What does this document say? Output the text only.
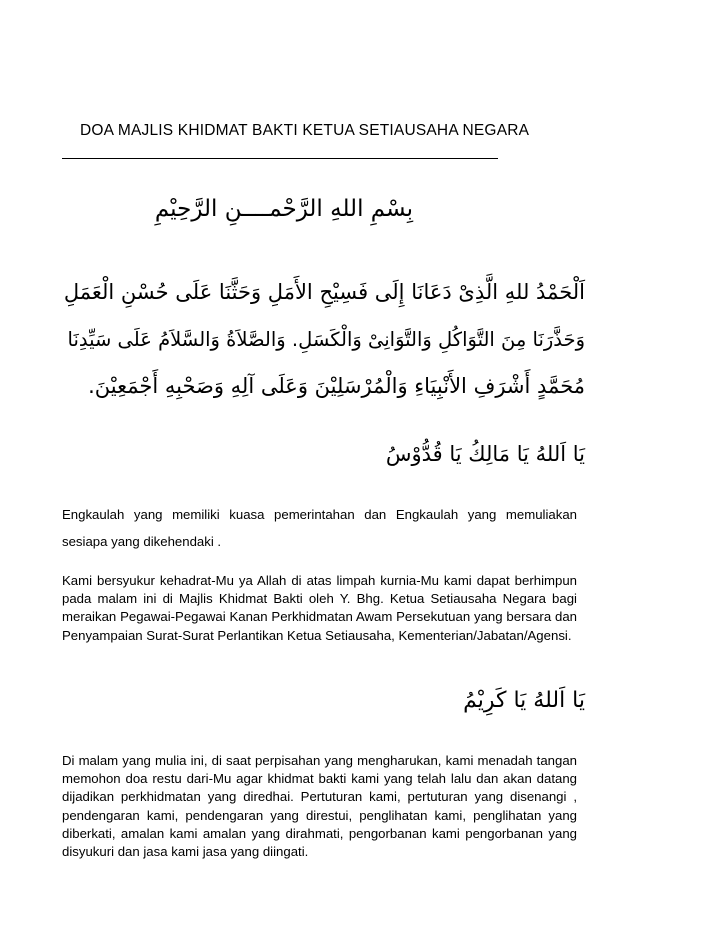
DOA MAJLIS KHIDMAT BAKTI KETUA SETIAUSAHA NEGARA
بِسْمِ اللهِ الرَّحْمــــنِ الرَّحِيْمِ
اَلْحَمْدُ للهِ الَّذِىْ دَعَانَا إِلَى فَسِيْحِ الأَمَلِ وَحَثَّنَا عَلَى حُسْنِ الْعَمَلِ
وَحَذَّرَنَا مِنَ التَّوَاكُلِ وَالتَّوَانِىْ وَالْكَسَلِ. وَالصَّلاَةُ وَالسَّلاَمُ عَلَى سَيِّدِنَا
مُحَمَّدٍ أَشْرَفِ الأَنْبِيَاءِ وَالْمُرْسَلِيْنَ وَعَلَى آلِهِ وَصَحْبِهِ أَجْمَعِيْنَ.
يَا اَللهُ يَا مَالِكُ يَا قُدُّوْسُ
Engkaulah yang memiliki kuasa pemerintahan dan Engkaulah yang memuliakan sesiapa yang dikehendaki .
Kami bersyukur kehadrat-Mu ya Allah di atas limpah kurnia-Mu kami dapat berhimpun pada malam ini di Majlis Khidmat Bakti oleh Y. Bhg. Ketua Setiausaha Negara bagi meraikan Pegawai-Pegawai Kanan Perkhidmatan Awam Persekutuan yang bersara dan Penyampaian Surat-Surat Perlantikan Ketua Setiausaha, Kementerian/Jabatan/Agensi.
يَا اَللهُ يَا كَرِيْمُ
Di malam yang mulia ini, di saat perpisahan yang mengharukan, kami menadah tangan memohon doa restu dari-Mu agar khidmat bakti kami yang telah lalu dan akan datang dijadikan perkhidmatan yang diredhai. Pertuturan kami, pertuturan yang disenangi , pendengaran kami, pendengaran yang direstui, penglihatan kami, penglihatan yang diberkati, amalan kami amalan yang dirahmati, pengorbanan kami pengorbanan yang disyukuri dan jasa kami jasa yang diingati.
